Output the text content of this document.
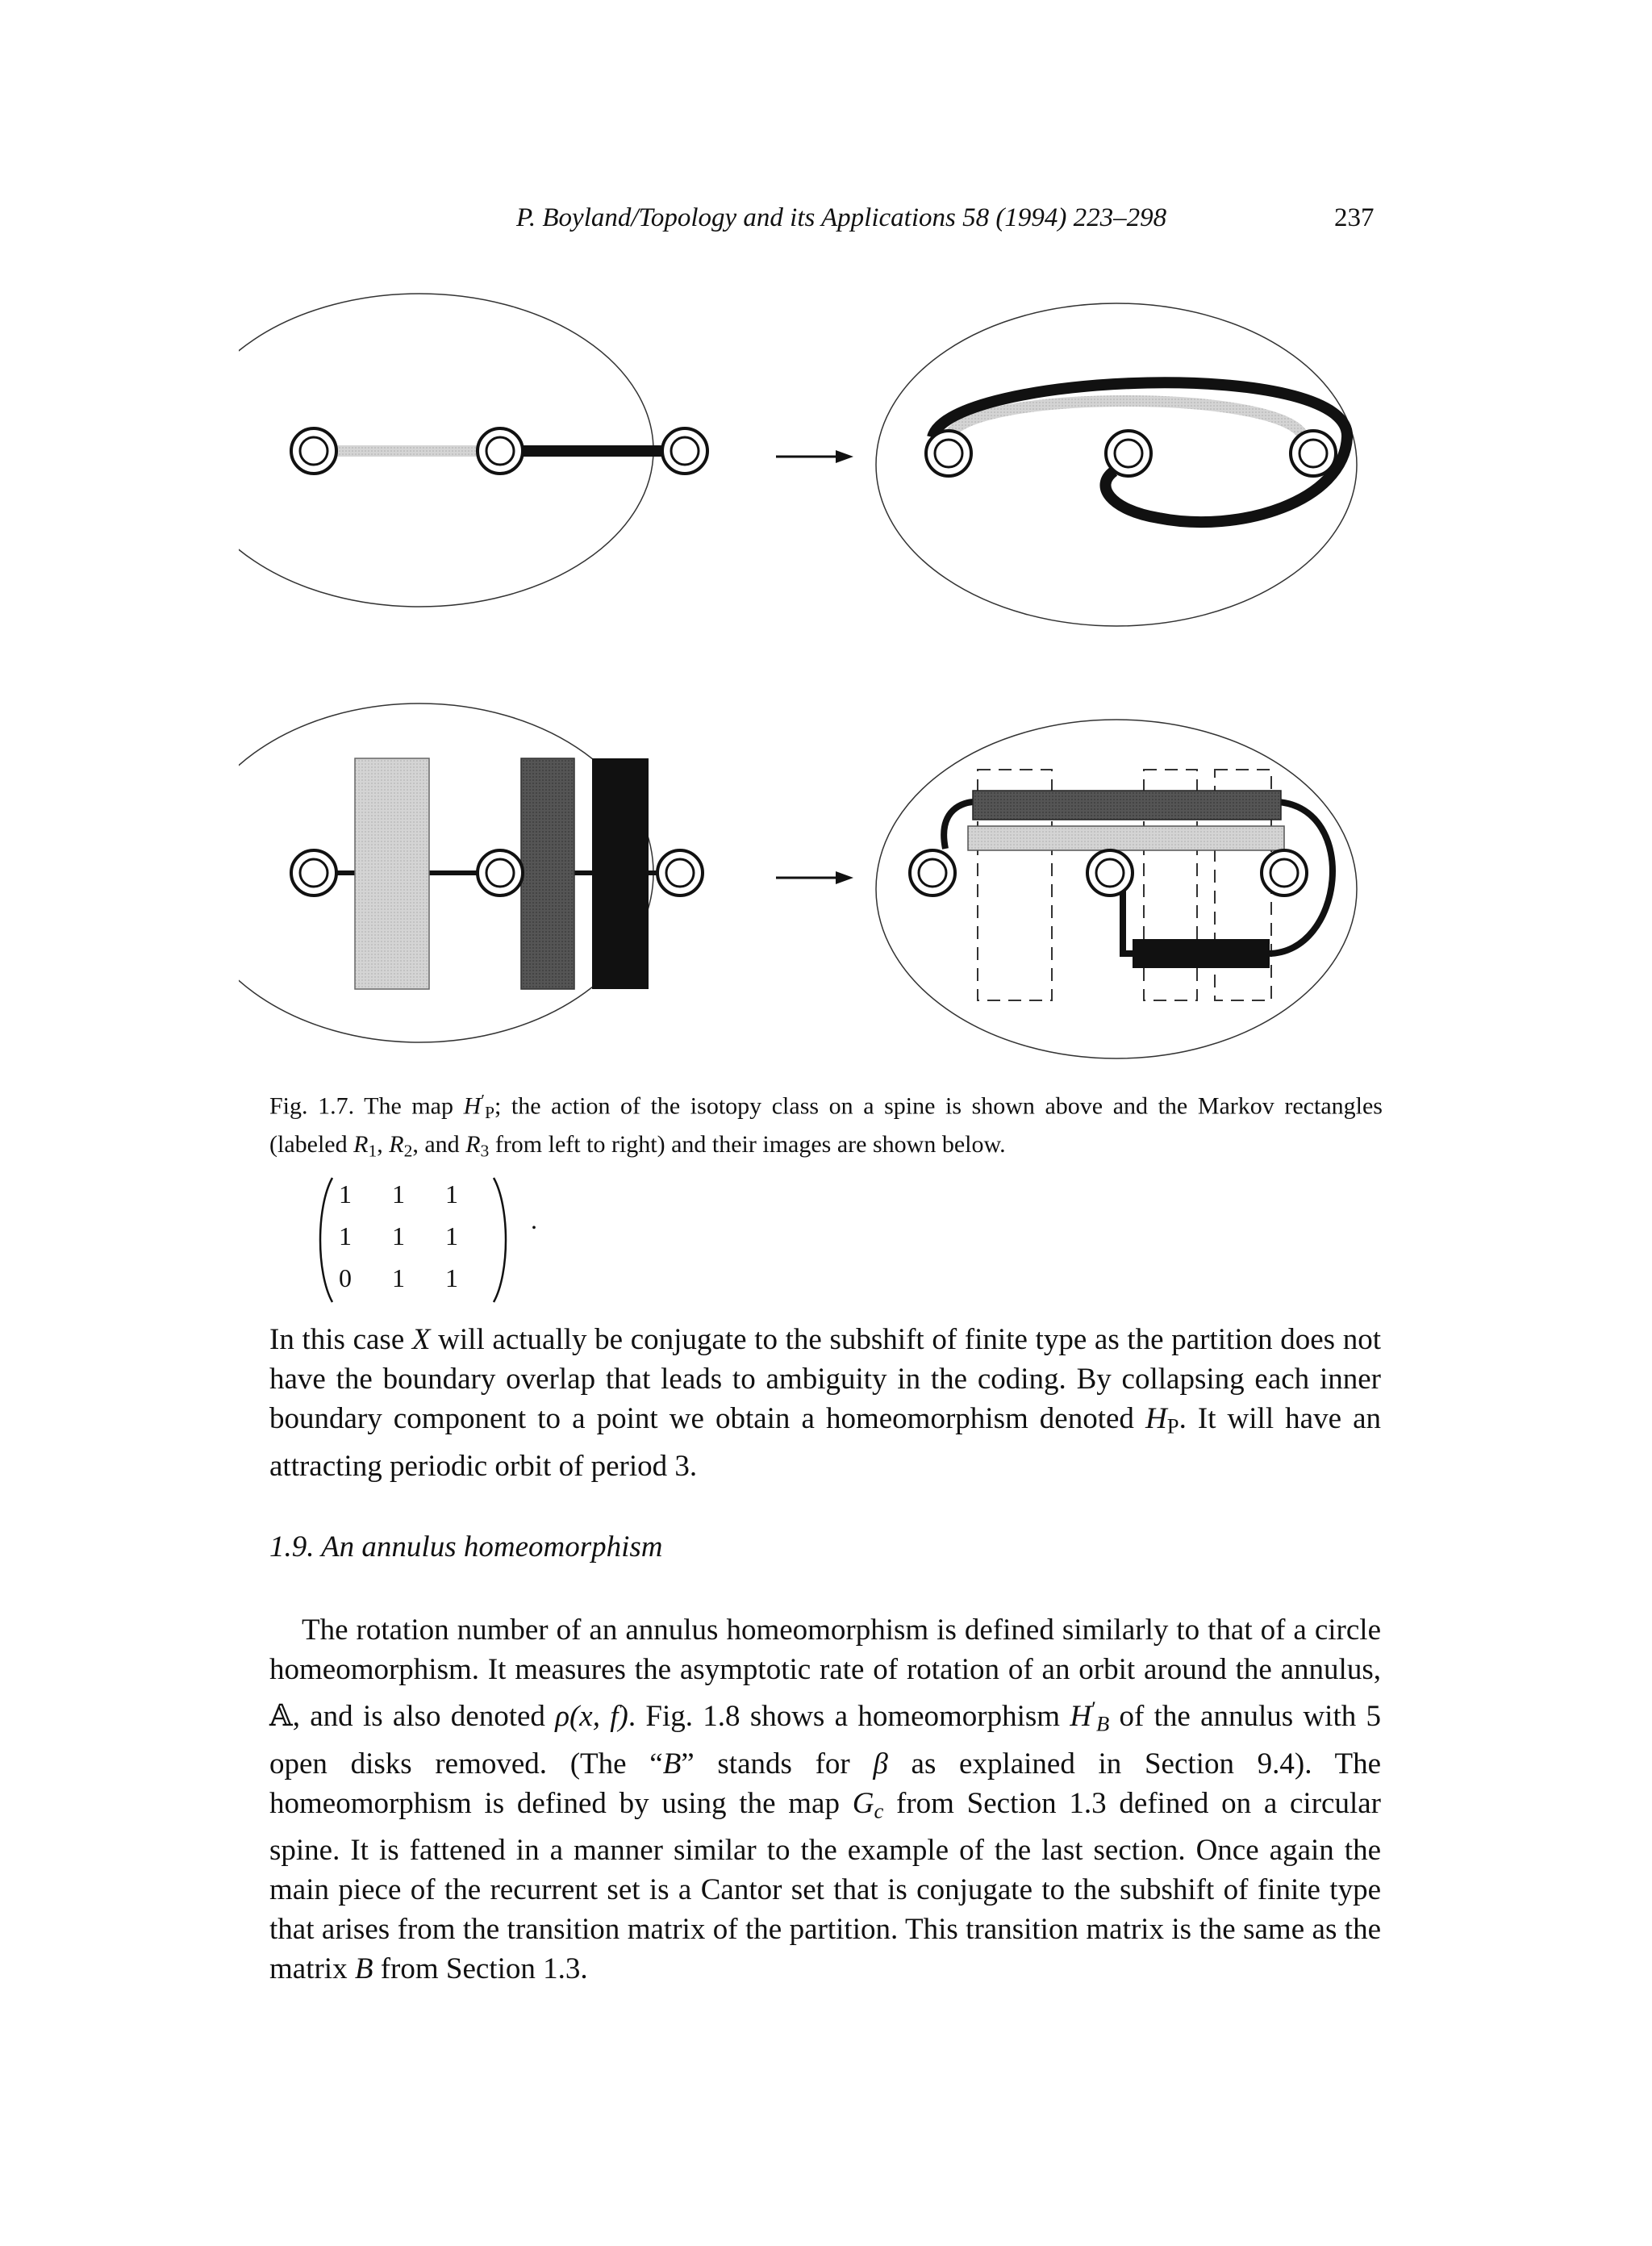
P. Boyland/Topology and its Applications 58 (1994) 223–298	237
Fig. 1.7. The map $H'_P$; the action of the isotopy class on a spine is shown above and the Markov rectangles (labeled $R_1$, $R_2$, and $R_3$ from left to right) and their images are shown below.
1	1	1
1	1	1
0	1	1
.
In this case X will actually be conjugate to the subshift of finite type as the partition does not have the boundary overlap that leads to ambiguity in the coding. By collapsing each inner boundary component to a point we obtain a homeomorphism denoted $H_P$. It will have an attracting periodic orbit of period 3.
1.9. An annulus homeomorphism
The rotation number of an annulus homeomorphism is defined similarly to that of a circle homeomorphism. It measures the asymptotic rate of rotation of an orbit around the annulus, 𝔸, and is also denoted ρ(x, f). Fig. 1.8 shows a homeomorphism $H'_B$ of the annulus with 5 open disks removed. (The “B” stands for β as explained in Section 9.4). The homeomorphism is defined by using the map $G_c$ from Section 1.3 defined on a circular spine. It is fattened in a manner similar to the example of the last section. Once again the main piece of the recurrent set is a Cantor set that is conjugate to the subshift of finite type that arises from the transition matrix of the partition. This transition matrix is the same as the matrix B from Section 1.3.
